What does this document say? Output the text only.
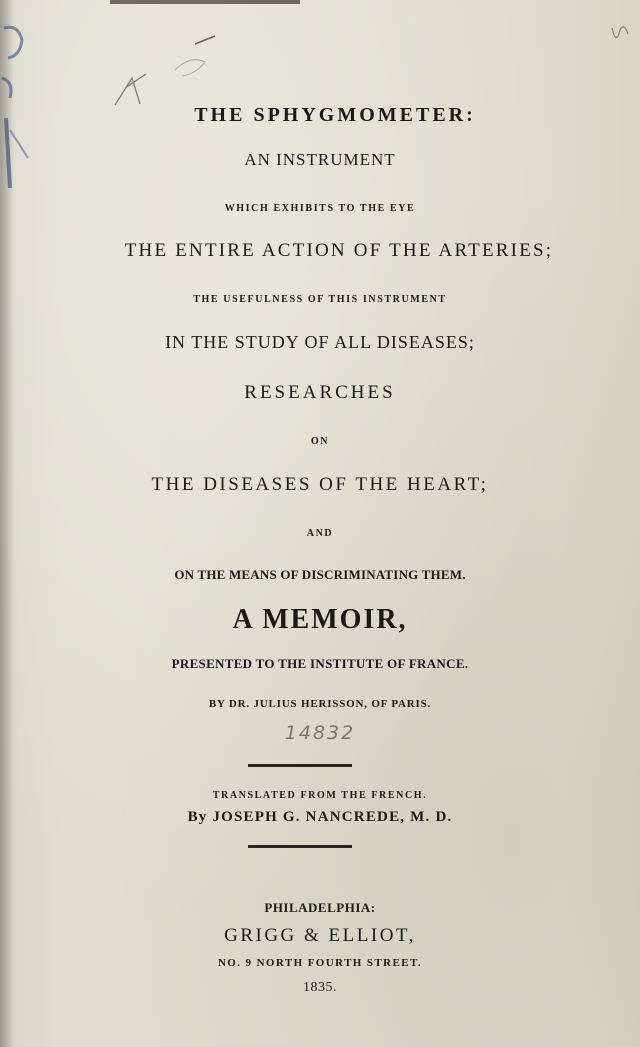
THE SPHYGMOMETER:
AN INSTRUMENT
WHICH EXHIBITS TO THE EYE
THE ENTIRE ACTION OF THE ARTERIES;
THE USEFULNESS OF THIS INSTRUMENT
IN THE STUDY OF ALL DISEASES;
RESEARCHES
ON
THE DISEASES OF THE HEART;
AND
ON THE MEANS OF DISCRIMINATING THEM.
A MEMOIR,
PRESENTED TO THE INSTITUTE OF FRANCE.
BY DR. JULIUS HERISSON, OF PARIS.
14832
TRANSLATED FROM THE FRENCH.
By JOSEPH G. NANCREDE, M. D.
PHILADELPHIA:
GRIGG & ELLIOT,
NO. 9 NORTH FOURTH STREET.
1835.
